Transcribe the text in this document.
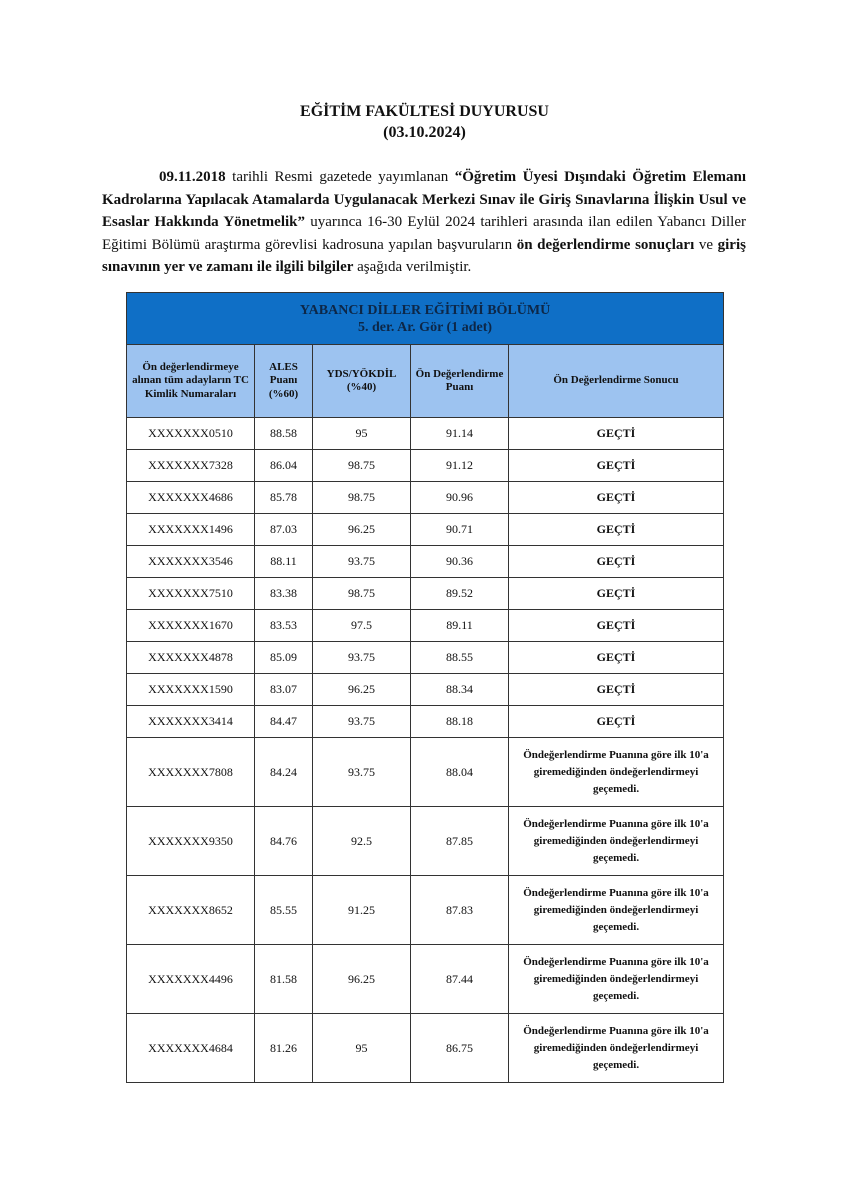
EĞİTİM FAKÜLTESİ DUYURUSU
(03.10.2024)

09.11.2018 tarihli Resmi gazetede yayımlanan “Öğretim Üyesi Dışındaki Öğretim Elemanı Kadrolarına Yapılacak Atamalarda Uygulanacak Merkezi Sınav ile Giriş Sınavlarına İlişkin Usul ve Esaslar Hakkında Yönetmelik” uyarınca 16-30 Eylül 2024 tarihleri arasında ilan edilen Yabancı Diller Eğitimi Bölümü araştırma görevlisi kadrosuna yapılan başvuruların ön değerlendirme sonuçları ve giriş sınavının yer ve zamanı ile ilgili bilgiler aşağıda verilmiştir.

YABANCI DİLLER EĞİTİMİ BÖLÜMÜ
5. der. Ar. Gör (1 adet)				

Ön değerlendirmeye alınan tüm adayların TC Kimlik Numaraları	ALES Puanı (%60)	YDS/YÖKDİL (%40)	Ön Değerlendirme Puanı	Ön Değerlendirme Sonucu
XXXXXXX0510	88.58	95	91.14	GEÇTİ
XXXXXXX7328	86.04	98.75	91.12	GEÇTİ
XXXXXXX4686	85.78	98.75	90.96	GEÇTİ
XXXXXXX1496	87.03	96.25	90.71	GEÇTİ
XXXXXXX3546	88.11	93.75	90.36	GEÇTİ
XXXXXXX7510	83.38	98.75	89.52	GEÇTİ
XXXXXXX1670	83.53	97.5	89.11	GEÇTİ
XXXXXXX4878	85.09	93.75	88.55	GEÇTİ
XXXXXXX1590	83.07	96.25	88.34	GEÇTİ
XXXXXXX3414	84.47	93.75	88.18	GEÇTİ
XXXXXXX7808	84.24	93.75	88.04	Öndeğerlendirme Puanına göre ilk 10'a giremediğinden öndeğerlendirmeyi geçemedi.
XXXXXXX9350	84.76	92.5	87.85	Öndeğerlendirme Puanına göre ilk 10'a giremediğinden öndeğerlendirmeyi geçemedi.
XXXXXXX8652	85.55	91.25	87.83	Öndeğerlendirme Puanına göre ilk 10'a giremediğinden öndeğerlendirmeyi geçemedi.
XXXXXXX4496	81.58	96.25	87.44	Öndeğerlendirme Puanına göre ilk 10'a giremediğinden öndeğerlendirmeyi geçemedi.
XXXXXXX4684	81.26	95	86.75	Öndeğerlendirme Puanına göre ilk 10'a giremediğinden öndeğerlendirmeyi geçemedi.
